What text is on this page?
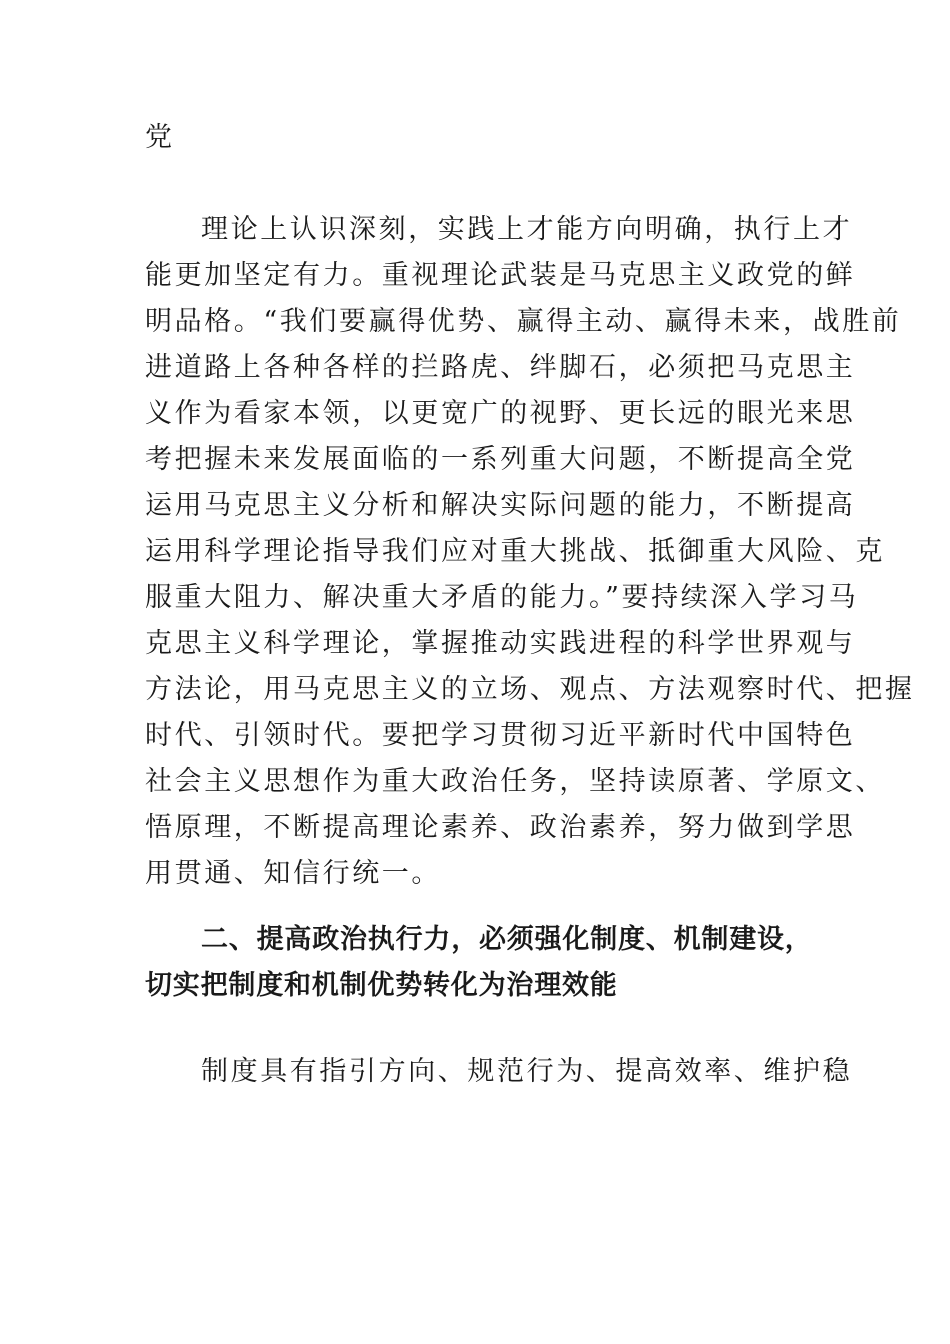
党
理论上认识深刻，实践上才能方向明确，执行上才
能更加坚定有力。重视理论武装是马克思主义政党的鲜
明品格。“我们要赢得优势、赢得主动、赢得未来，战胜前
进道路上各种各样的拦路虎、绊脚石，必须把马克思主
义作为看家本领，以更宽广的视野、更长远的眼光来思
考把握未来发展面临的一系列重大问题，不断提高全党
运用马克思主义分析和解决实际问题的能力，不断提高
运用科学理论指导我们应对重大挑战、抵御重大风险、克
服重大阻力、解决重大矛盾的能力。”要持续深入学习马
克思主义科学理论，掌握推动实践进程的科学世界观与
方法论，用马克思主义的立场、观点、方法观察时代、把握
时代、引领时代。要把学习贯彻习近平新时代中国特色
社会主义思想作为重大政治任务，坚持读原著、学原文、
悟原理，不断提高理论素养、政治素养，努力做到学思
用贯通、知信行统一。
二、提高政治执行力，必须强化制度、机制建设，
切实把制度和机制优势转化为治理效能
制度具有指引方向、规范行为、提高效率、维护稳
